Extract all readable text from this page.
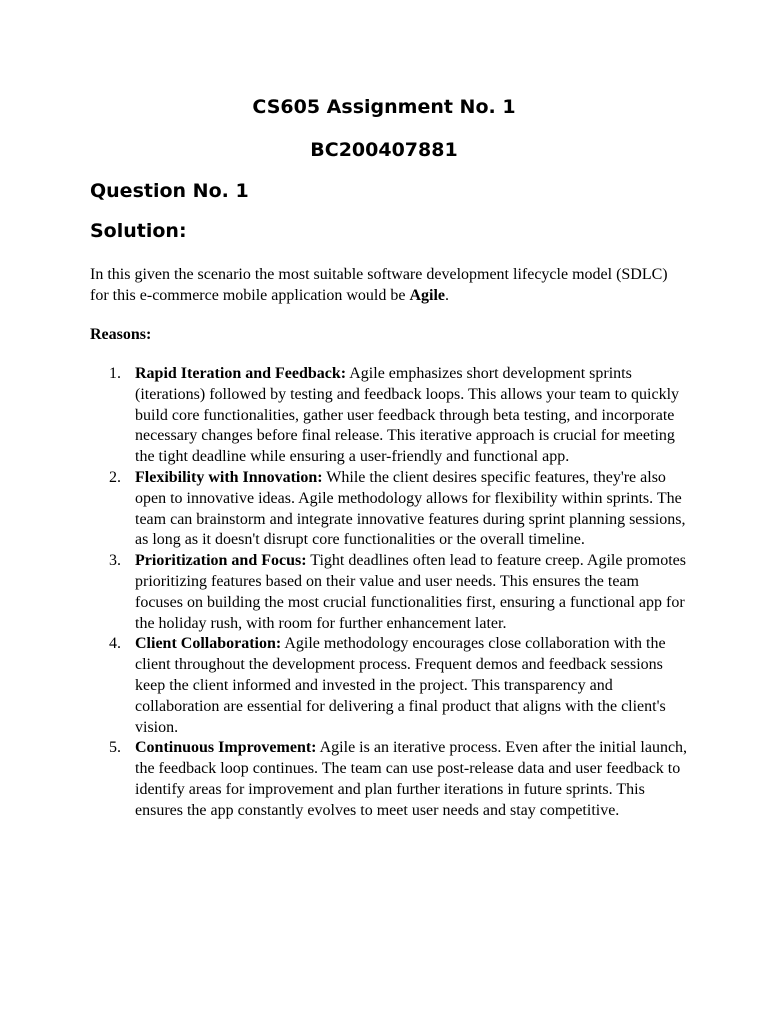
CS605 Assignment No. 1
BC200407881
Question No. 1
Solution:

In this given the scenario the most suitable software development lifecycle model (SDLC) for this e-commerce mobile application would be Agile.

Reasons:

1. Rapid Iteration and Feedback: Agile emphasizes short development sprints (iterations) followed by testing and feedback loops. This allows your team to quickly build core functionalities, gather user feedback through beta testing, and incorporate necessary changes before final release. This iterative approach is crucial for meeting the tight deadline while ensuring a user-friendly and functional app.
2. Flexibility with Innovation: While the client desires specific features, they're also open to innovative ideas. Agile methodology allows for flexibility within sprints. The team can brainstorm and integrate innovative features during sprint planning sessions, as long as it doesn't disrupt core functionalities or the overall timeline.
3. Prioritization and Focus: Tight deadlines often lead to feature creep. Agile promotes prioritizing features based on their value and user needs. This ensures the team focuses on building the most crucial functionalities first, ensuring a functional app for the holiday rush, with room for further enhancement later.
4. Client Collaboration: Agile methodology encourages close collaboration with the client throughout the development process. Frequent demos and feedback sessions keep the client informed and invested in the project. This transparency and collaboration are essential for delivering a final product that aligns with the client's vision.
5. Continuous Improvement: Agile is an iterative process. Even after the initial launch, the feedback loop continues. The team can use post-release data and user feedback to identify areas for improvement and plan further iterations in future sprints. This ensures the app constantly evolves to meet user needs and stay competitive.
